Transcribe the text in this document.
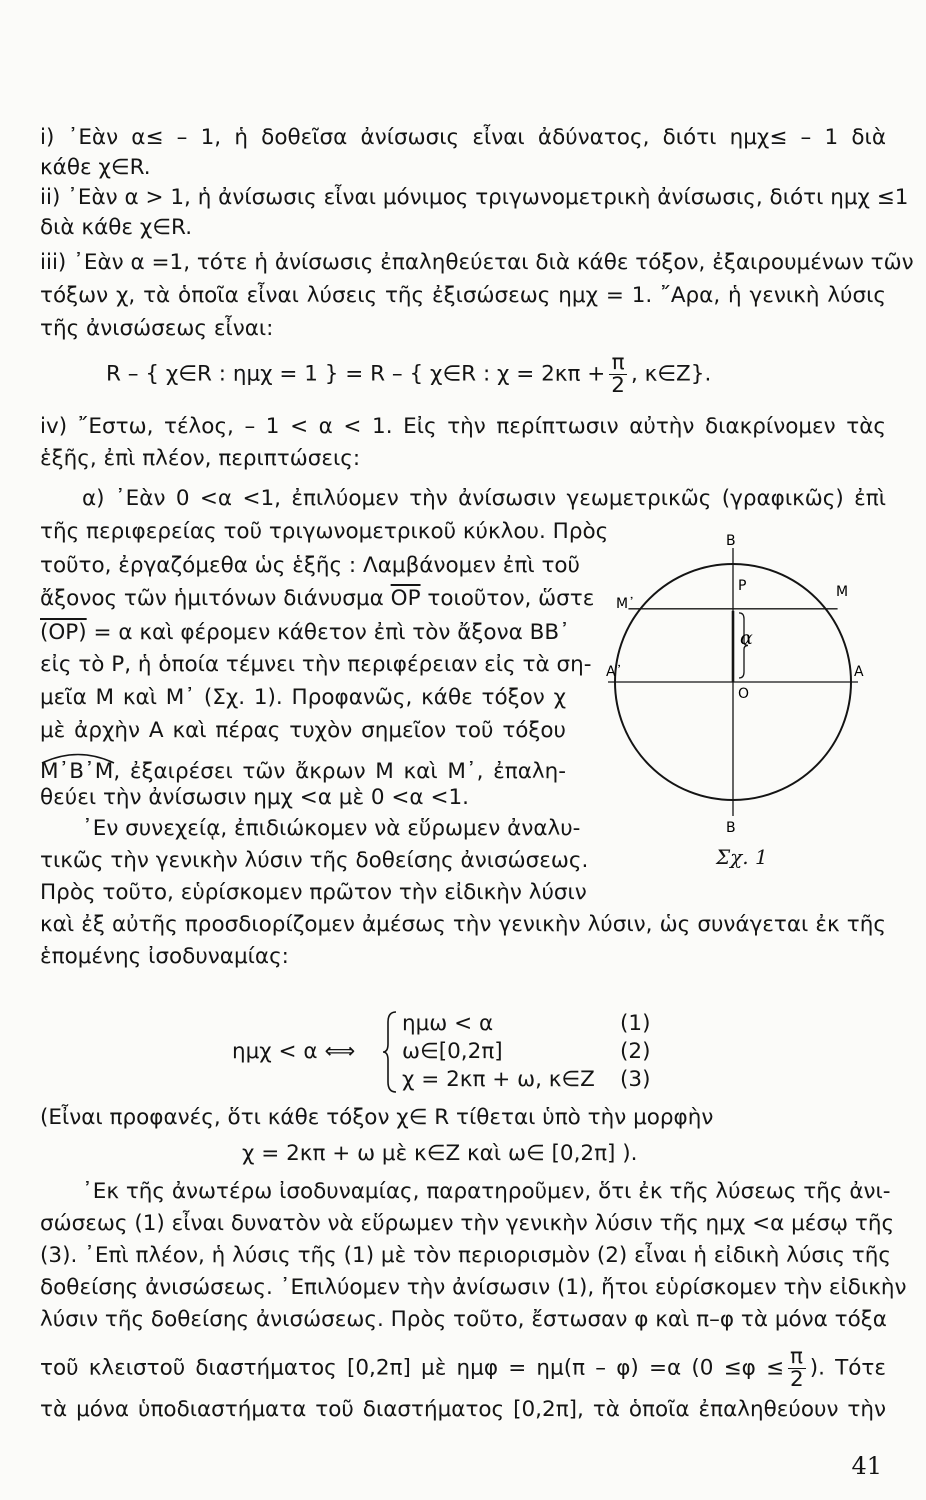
i) ᾿Εὰν α≤ – 1, ἡ δοθεῖσα ἀνίσωσις εἶναι ἀδύνατος, διότι ημχ≤ – 1 διὰ
κάθε χ∈R.
ii) ᾿Εὰν α > 1, ἡ ἀνίσωσις εἶναι μόνιμος τριγωνομετρικὴ ἀνίσωσις, διότι ημχ ≤1
διὰ κάθε χ∈R.
iii) ᾿Εὰν α =1, τότε ἡ ἀνίσωσις ἐπαληθεύεται διὰ κάθε τόξον, ἐξαιρουμένων τῶν
τόξων χ, τὰ ὁποῖα εἶναι λύσεις τῆς ἐξισώσεως ημχ = 1. ῎Αρα, ἡ γενικὴ λύσις
τῆς ἀνισώσεως εἶναι:
R – { χ∈R : ημχ = 1 } = R – { χ∈R : $\chi = 2\kappa\pi + \frac{\pi}{2}$ , κ∈Z}.
iv) ῎Εστω, τέλος, – 1 < α < 1. Εἰς τὴν περίπτωσιν αὐτὴν διακρίνομεν τὰς
ἑξῆς, ἐπὶ πλέον, περιπτώσεις:
α) ᾿Εὰν 0 <α <1, ἐπιλύομεν τὴν ἀνίσωσιν γεωμετρικῶς (γραφικῶς) ἐπὶ
τῆς περιφερείας τοῦ τριγωνομετρικοῦ κύκλου. Πρὸς
τοῦτο, ἐργαζόμεθα ὡς ἑξῆς : Λαμβάνομεν ἐπὶ τοῦ
ἄξονος τῶν ἡμιτόνων διάνυσμα $\overline{OP}$ τοιοῦτον, ὥστε
(OP) = α καὶ φέρομεν κάθετον ἐπὶ τὸν ἄξονα BB᾽
εἰς τὸ P, ἡ ὁποία τέμνει τὴν περιφέρειαν εἰς τὰ ση-
μεῖα M καὶ M᾽ (Σχ. 1). Προφανῶς, κάθε τόξον χ
μὲ ἀρχὴν A καὶ πέρας τυχὸν σημεῖον τοῦ τόξου
M᾽B᾽M, ἐξαιρέσει τῶν ἄκρων M καὶ M᾽, ἐπαλη-
θεύει τὴν ἀνίσωσιν ημχ <α μὲ 0 <α <1.
᾿Εν συνεχείᾳ, ἐπιδιώκομεν νὰ εὕρωμεν ἀναλυ-
τικῶς τὴν γενικὴν λύσιν τῆς δοθείσης ἀνισώσεως.
Πρὸς τοῦτο, εὑρίσκομεν πρῶτον τὴν εἰδικὴν λύσιν
καὶ ἐξ αὐτῆς προσδιορίζομεν ἀμέσως τὴν γενικὴν λύσιν, ὡς συνάγεται ἐκ τῆς
ἑπομένης ἰσοδυναμίας:
ημχ < α ⟺
ημω < α	(1)
ω∈[0,2π]	(2)
χ = 2κπ + ω, κ∈Z (3)
(Εἶναι προφανές, ὅτι κάθε τόξον χ∈ R τίθεται ὑπὸ τὴν μορφὴν
χ = 2κπ + ω μὲ κ∈Z καὶ ω∈ [0,2π] ).
᾿Εκ τῆς ἀνωτέρω ἰσοδυναμίας, παρατηροῦμεν, ὅτι ἐκ τῆς λύσεως τῆς ἀνι-
σώσεως (1) εἶναι δυνατὸν νὰ εὕρωμεν τὴν γενικὴν λύσιν τῆς ημχ <α μέσῳ τῆς
(3). ᾿Επὶ πλέον, ἡ λύσις τῆς (1) μὲ τὸν περιορισμὸν (2) εἶναι ἡ εἰδικὴ λύσις τῆς
δοθείσης ἀνισώσεως. ᾿Επιλύομεν τὴν ἀνίσωσιν (1), ἤτοι εὑρίσκομεν τὴν εἰδικὴν
λύσιν τῆς δοθείσης ἀνισώσεως. Πρὸς τοῦτο, ἔστωσαν φ καὶ π–φ τὰ μόνα τόξα
τοῦ κλειστοῦ διαστήματος [0,2π] μὲ ημφ = ημ(π – φ) =α ($0 \le\varphi \le \frac{\pi}{2}$ ). Τότε
τὰ μόνα ὑποδιαστήματα τοῦ διαστήματος [0,2π], τὰ ὁποῖα ἐπαληθεύουν τὴν
B
B
M
M᾽
P
α
A
A᾽
O
Σχ. 1
41
